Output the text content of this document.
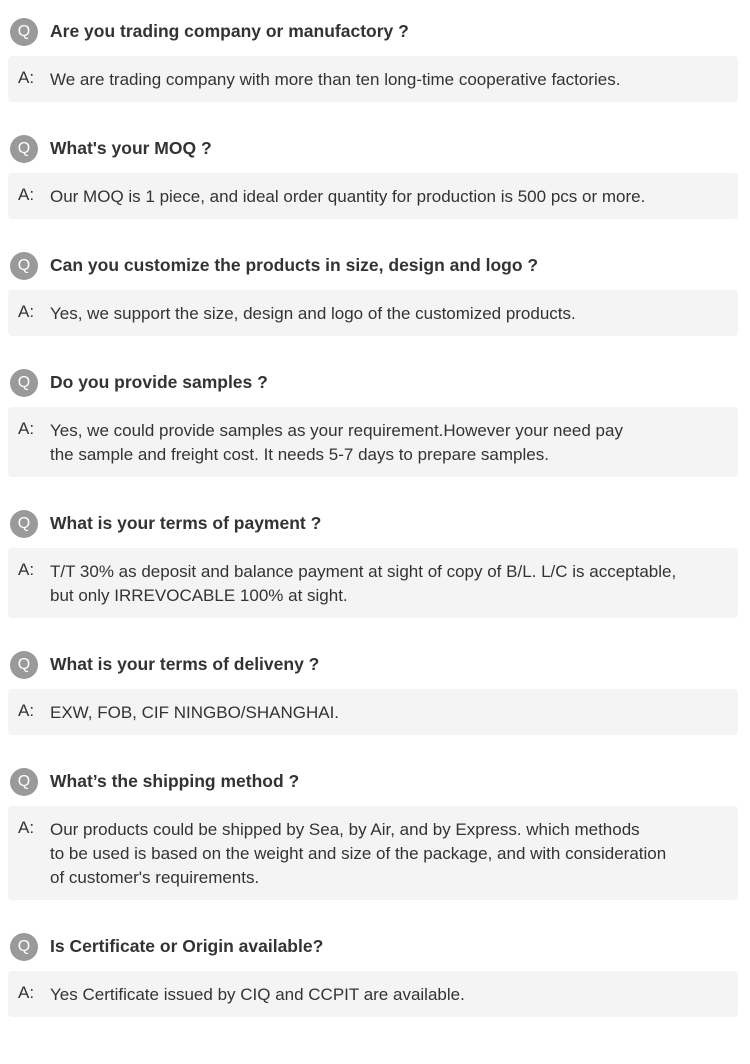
Q	Are you trading company or manufactory ?
A: We are trading company with more than ten long-time cooperative factories.
Q	What's your MOQ ?
A: Our MOQ is 1 piece, and ideal order quantity for production is 500 pcs or more.
Q	Can you customize the products in size, design and logo ?
A: Yes, we support the size, design and logo of the customized products.
Q	Do you provide samples ?
A: Yes, we could provide samples as your requirement.However your need pay
the sample and freight cost. It needs 5-7 days to prepare samples.
Q	What is your terms of payment ?
A: T/T 30% as deposit and balance payment at sight of copy of B/L. L/C is acceptable,
but only IRREVOCABLE 100% at sight.
Q	What is your terms of deliveny ?
A: EXW, FOB, CIF NINGBO/SHANGHAI.
Q	What’s the shipping method ?
A: Our products could be shipped by Sea, by Air, and by Express. which methods
to be used is based on the weight and size of the package, and with consideration
of customer's requirements.
Q	Is Certificate or Origin available?
A: Yes Certificate issued by CIQ and CCPIT are available.
